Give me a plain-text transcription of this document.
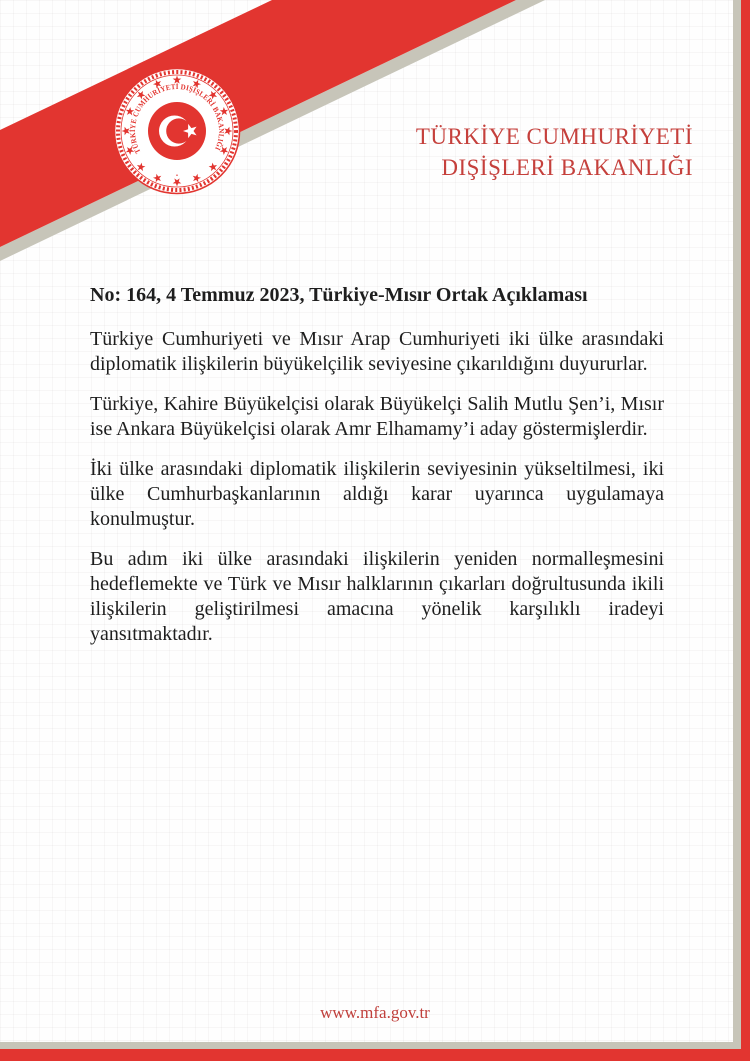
TÜRKİYE CUMHURİYETİ DIŞİŞLERİ BAKANLIĞI
·
TÜRKİYE CUMHURİYETİ
DIŞİŞLERİ BAKANLIĞI
No: 164, 4 Temmuz 2023, Türkiye-Mısır Ortak Açıklaması

Türkiye Cumhuriyeti ve Mısır Arap Cumhuriyeti iki ülke arasındaki diplomatik ilişkilerin büyükelçilik seviyesine çıkarıldığını duyururlar.

Türkiye, Kahire Büyükelçisi olarak Büyükelçi Salih Mutlu Şen’i, Mısır ise Ankara Büyükelçisi olarak Amr Elhamamy’i aday göstermişlerdir.

İki ülke arasındaki diplomatik ilişkilerin seviyesinin yükseltilmesi, iki ülke Cumhurbaşkanlarının aldığı karar uyarınca uygulamaya konulmuştur.

Bu adım iki ülke arasındaki ilişkilerin yeniden normalleşmesini hedeflemekte ve Türk ve Mısır halklarının çıkarları doğrultusunda ikili ilişkilerin geliştirilmesi amacına yönelik karşılıklı iradeyi yansıtmaktadır.

www.mfa.gov.tr
